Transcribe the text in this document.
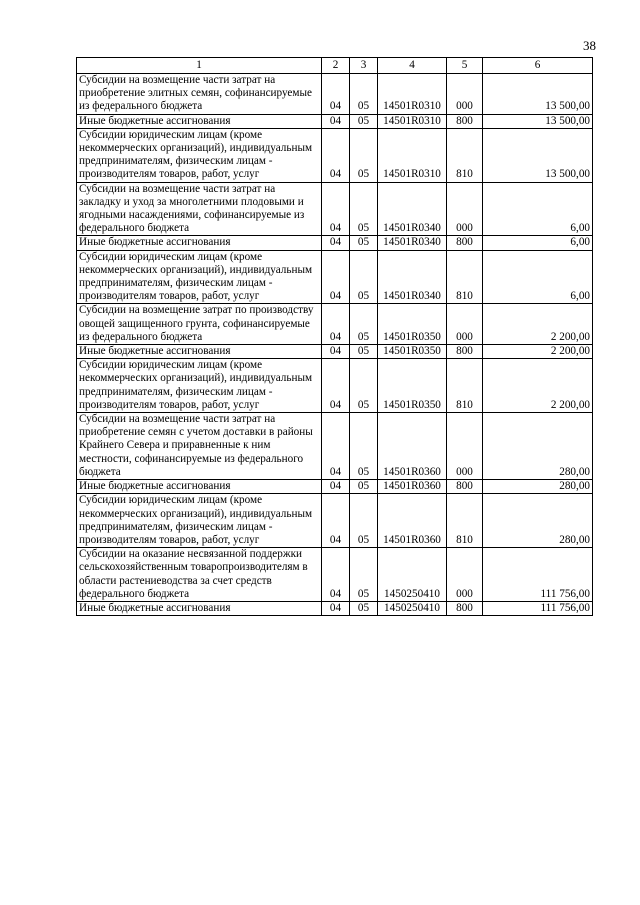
38
1	2	3	4	5	6
Субсидии на возмещение части затрат на приобретение элитных семян, софинансируемые из федерального бюджета	04	05	14501R0310	000	13 500,00
Иные бюджетные ассигнования	04	05	14501R0310	800	13 500,00
Субсидии юридическим лицам (кроме некоммерческих организаций), индивидуальным предпринимателям, физическим лицам - производителям товаров, работ, услуг	04	05	14501R0310	810	13 500,00
Субсидии на возмещение части затрат на закладку и уход за многолетними плодовыми и ягодными насаждениями, софинансируемые из федерального бюджета	04	05	14501R0340	000	6,00
Иные бюджетные ассигнования	04	05	14501R0340	800	6,00
Субсидии юридическим лицам (кроме некоммерческих организаций), индивидуальным предпринимателям, физическим лицам - производителям товаров, работ, услуг	04	05	14501R0340	810	6,00
Субсидии на возмещение затрат по производству овощей защищенного грунта, софинансируемые из федерального бюджета	04	05	14501R0350	000	2 200,00
Иные бюджетные ассигнования	04	05	14501R0350	800	2 200,00
Субсидии юридическим лицам (кроме некоммерческих организаций), индивидуальным предпринимателям, физическим лицам - производителям товаров, работ, услуг	04	05	14501R0350	810	2 200,00
Субсидии на возмещение части затрат на приобретение семян с учетом доставки в районы Крайнего Севера и приравненные к ним местности, софинансируемые из федерального бюджета	04	05	14501R0360	000	280,00
Иные бюджетные ассигнования	04	05	14501R0360	800	280,00
Субсидии юридическим лицам (кроме некоммерческих организаций), индивидуальным предпринимателям, физическим лицам - производителям товаров, работ, услуг	04	05	14501R0360	810	280,00
Субсидии на оказание несвязанной поддержки сельскохозяйственным товаропроизводителям в области растениеводства за счет средств федерального бюджета	04	05	1450250410	000	111 756,00
Иные бюджетные ассигнования	04	05	1450250410	800	111 756,00
